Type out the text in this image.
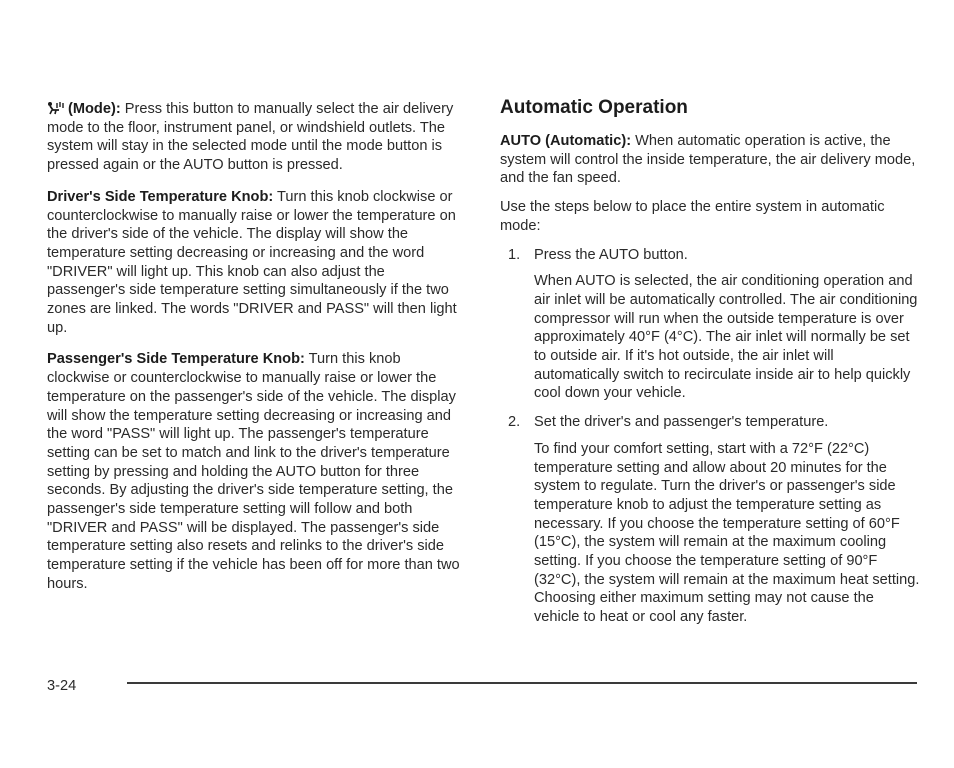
(Mode): Press this button to manually select the air delivery mode to the floor, instrument panel, or windshield outlets. The system will stay in the selected mode until the mode button is pressed again or the AUTO button is pressed.

Driver's Side Temperature Knob: Turn this knob clockwise or counterclockwise to manually raise or lower the temperature on the driver's side of the vehicle. The display will show the temperature setting decreasing or increasing and the word "DRIVER" will light up. This knob can also adjust the passenger's side temperature setting simultaneously if the two zones are linked. The words "DRIVER and PASS" will then light up.

Passenger's Side Temperature Knob: Turn this knob clockwise or counterclockwise to manually raise or lower the temperature on the passenger's side of the vehicle. The display will show the temperature setting decreasing or increasing and the word "PASS" will light up. The passenger's temperature setting can be set to match and link to the driver's temperature setting by pressing and holding the AUTO button for three seconds. By adjusting the driver's side temperature setting, the passenger's side temperature setting will follow and both "DRIVER and PASS" will be displayed. The passenger's side temperature setting also resets and relinks to the driver's side temperature setting if the vehicle has been off for more than two hours.

Automatic Operation

AUTO (Automatic): When automatic operation is active, the system will control the inside temperature, the air delivery mode, and the fan speed.

Use the steps below to place the entire system in automatic mode:

1. Press the AUTO button.

When AUTO is selected, the air conditioning operation and air inlet will be automatically controlled. The air conditioning compressor will run when the outside temperature is over approximately 40°F (4°C). The air inlet will normally be set to outside air. If it's hot outside, the air inlet will automatically switch to recirculate inside air to help quickly cool down your vehicle.

2. Set the driver's and passenger's temperature.

To find your comfort setting, start with a 72°F (22°C) temperature setting and allow about 20 minutes for the system to regulate. Turn the driver's or passenger's side temperature knob to adjust the temperature setting as necessary. If you choose the temperature setting of 60°F (15°C), the system will remain at the maximum cooling setting. If you choose the temperature setting of 90°F (32°C), the system will remain at the maximum heat setting. Choosing either maximum setting may not cause the vehicle to heat or cool any faster.

3-24
